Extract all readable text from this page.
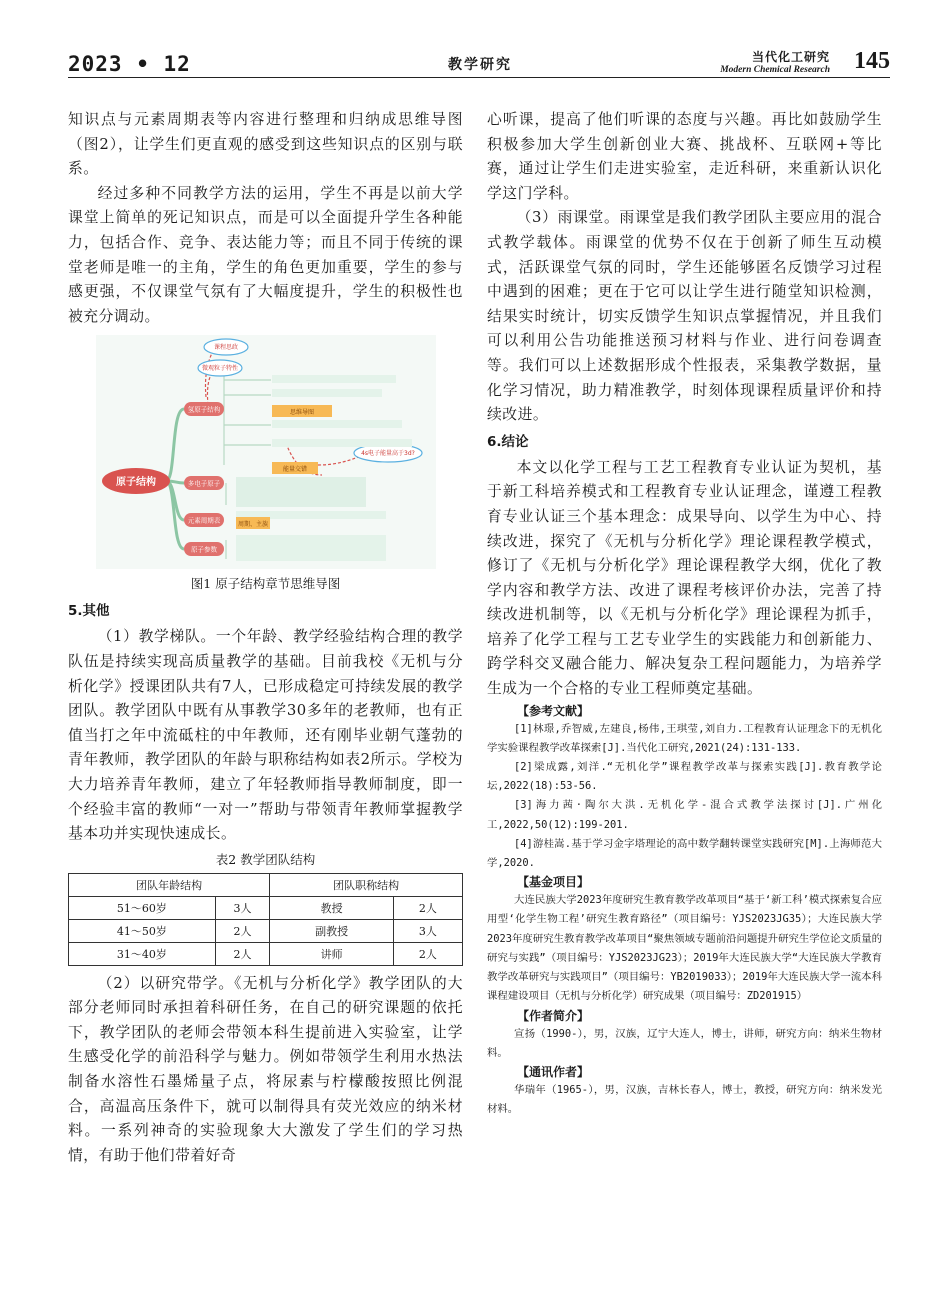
2023 • 12	教学研究	当代化工研究
Modern Chemical Research 145

知识点与元素周期表等内容进行整理和归纳成思维导图（图2），让学生们更直观的感受到这些知识点的区别与联系。

经过多种不同教学方法的运用，学生不再是以前大学课堂上简单的死记知识点，而是可以全面提升学生各种能力，包括合作、竞争、表达能力等；而且不同于传统的课堂老师是唯一的主角，学生的角色更加重要，学生的参与感更强，不仅课堂气氛有了大幅度提升，学生的积极性也被充分调动。

原子结构
氢原子结构
多电子原子
元素周期表
原子参数
课程思政
微观粒子特性
4s电子能量高于3d?
思维导图
能量交错
周期、主族
图1 原子结构章节思维导图
5.其他

（1）教学梯队。一个年龄、教学经验结构合理的教学队伍是持续实现高质量教学的基础。目前我校《无机与分析化学》授课团队共有7人，已形成稳定可持续发展的教学团队。教学团队中既有从事教学30多年的老教师，也有正值当打之年中流砥柱的中年教师，还有刚毕业朝气蓬勃的青年教师，教学团队的年龄与职称结构如表2所示。学校为大力培养青年教师，建立了年轻教师指导教师制度，即一个经验丰富的教师“一对一”帮助与带领青年教师掌握教学基本功并实现快速成长。

表2 教学团队结构
团队年龄结构		团队职称结构	
51～60岁	3人	教授	2人
41～50岁	2人	副教授	3人
31～40岁	2人	讲师	2人

（2）以研究带学。《无机与分析化学》教学团队的大部分老师同时承担着科研任务，在自己的研究课题的依托下，教学团队的老师会带领本科生提前进入实验室，让学生感受化学的前沿科学与魅力。例如带领学生利用水热法制备水溶性石墨烯量子点，将尿素与柠檬酸按照比例混合，高温高压条件下，就可以制得具有荧光效应的纳米材料。一系列神奇的实验现象大大激发了学生们的学习热情，有助于他们带着好奇

心听课，提高了他们听课的态度与兴趣。再比如鼓励学生积极参加大学生创新创业大赛、挑战杯、互联网+等比赛，通过让学生们走进实验室，走近科研，来重新认识化学这门学科。

（3）雨课堂。雨课堂是我们教学团队主要应用的混合式教学载体。雨课堂的优势不仅在于创新了师生互动模式，活跃课堂气氛的同时，学生还能够匿名反馈学习过程中遇到的困难；更在于它可以让学生进行随堂知识检测，结果实时统计，切实反馈学生知识点掌握情况，并且我们可以利用公告功能推送预习材料与作业、进行问卷调查等。我们可以上述数据形成个性报表，采集教学数据，量化学习情况，助力精准教学，时刻体现课程质量评价和持续改进。

6.结论

本文以化学工程与工艺工程教育专业认证为契机，基于新工科培养模式和工程教育专业认证理念，谨遵工程教育专业认证三个基本理念：成果导向、以学生为中心、持续改进，探究了《无机与分析化学》理论课程教学模式，修订了《无机与分析化学》理论课程教学大纲，优化了教学内容和教学方法、改进了课程考核评价办法，完善了持续改进机制等，以《无机与分析化学》理论课程为抓手，培养了化学工程与工艺专业学生的实践能力和创新能力、跨学科交叉融合能力、解决复杂工程问题能力，为培养学生成为一个合格的专业工程师奠定基础。

【参考文献】
[1]林璟,乔智威,左建良,杨伟,王琪莹,刘自力.工程教育认证理念下的无机化学实验课程教学改革探索[J].当代化工研究,2021(24):131-133.
[2]梁成露,刘洋.“无机化学”课程教学改革与探索实践[J].教育教学论坛,2022(18):53-56.
[3]海力茜·陶尔大洪.无机化学-混合式教学法探讨[J].广州化工,2022,50(12):199-201.
[4]游桂嵩.基于学习金字塔理论的高中数学翻转课堂实践研究[M].上海师范大学,2020.
【基金项目】
大连民族大学2023年度研究生教育教学改革项目“基于‘新工科’模式探索复合应用型‘化学生物工程’研究生教育路径”（项目编号：YJS2023JG35）；大连民族大学2023年度研究生教育教学改革项目“聚焦领域专题前沿问题提升研究生学位论文质量的研究与实践”（项目编号：YJS2023JG23）；2019年大连民族大学“大连民族大学教育教学改革研究与实践项目”（项目编号：YB2019033）；2019年大连民族大学一流本科课程建设项目（无机与分析化学）研究成果（项目编号：ZD201915）
【作者简介】
宣扬（1990-），男，汉族，辽宁大连人，博士，讲师，研究方向：纳米生物材料。
【通讯作者】
华瑞年（1965-），男，汉族，吉林长春人，博士，教授，研究方向：纳米发光材料。
